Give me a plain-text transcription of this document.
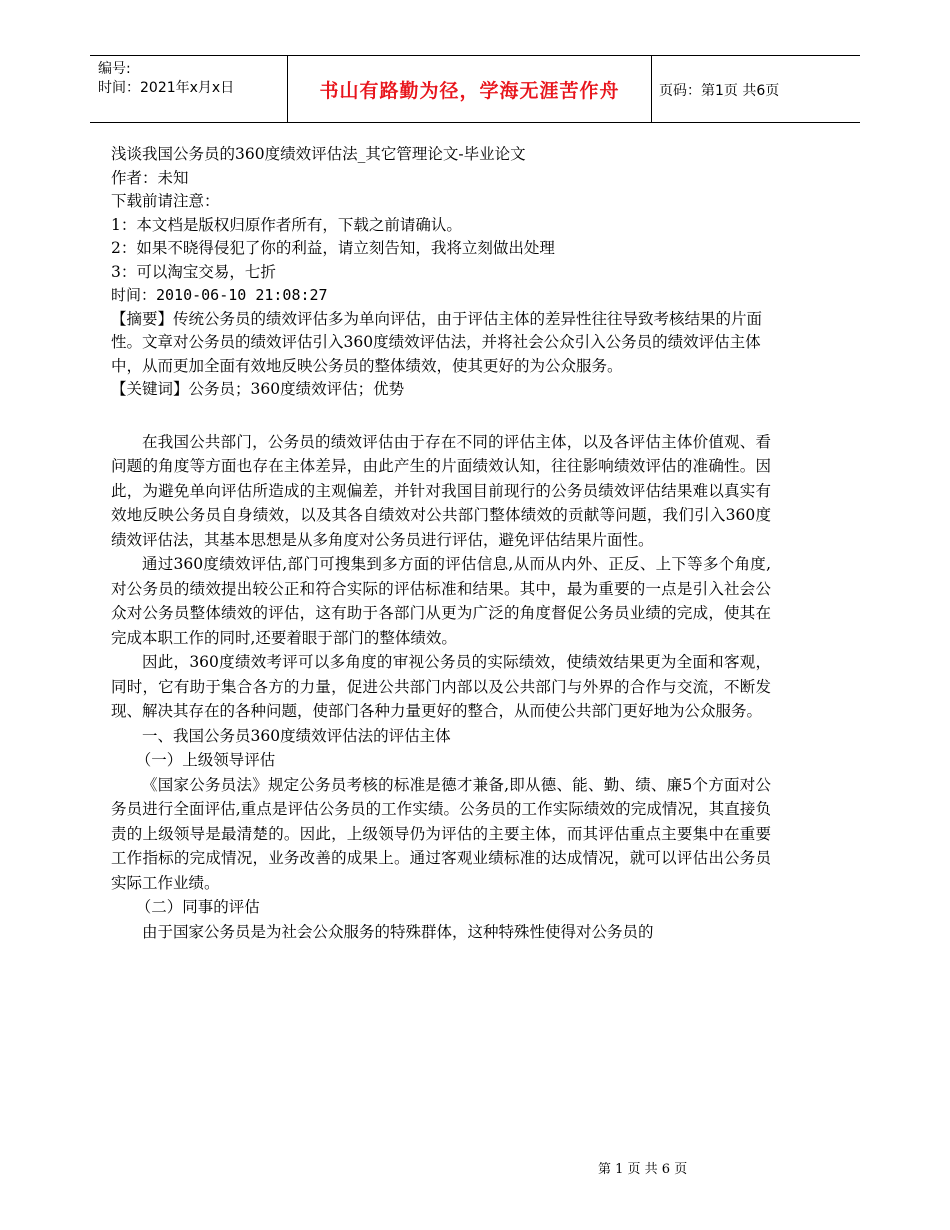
编号:
时间：2021年x月x日	书山有路勤为径，学海无涯苦作舟	页码：第1页 共6页

浅谈我国公务员的360度绩效评估法_其它管理论文-毕业论文

作者：未知

下载前请注意：

1：本文档是版权归原作者所有，下载之前请确认。

2：如果不晓得侵犯了你的利益，请立刻告知，我将立刻做出处理

3：可以淘宝交易，七折

时间：2010-06-10 21:08:27

【摘要】传统公务员的绩效评估多为单向评估，由于评估主体的差异性往往导致考核结果的片面性。文章对公务员的绩效评估引入360度绩效评估法，并将社会公众引入公务员的绩效评估主体中，从而更加全面有效地反映公务员的整体绩效，使其更好的为公众服务。

【关键词】公务员；360度绩效评估；优势

在我国公共部门，公务员的绩效评估由于存在不同的评估主体，以及各评估主体价值观、看问题的角度等方面也存在主体差异，由此产生的片面绩效认知，往往影响绩效评估的准确性。因此，为避免单向评估所造成的主观偏差，并针对我国目前现行的公务员绩效评估结果难以真实有效地反映公务员自身绩效，以及其各自绩效对公共部门整体绩效的贡献等问题，我们引入360度绩效评估法，其基本思想是从多角度对公务员进行评估，避免评估结果片面性。

通过360度绩效评估,部门可搜集到多方面的评估信息,从而从内外、正反、上下等多个角度,对公务员的绩效提出较公正和符合实际的评估标准和结果。其中，最为重要的一点是引入社会公众对公务员整体绩效的评估，这有助于各部门从更为广泛的角度督促公务员业绩的完成，使其在完成本职工作的同时,还要着眼于部门的整体绩效。

因此，360度绩效考评可以多角度的审视公务员的实际绩效，使绩效结果更为全面和客观，同时，它有助于集合各方的力量，促进公共部门内部以及公共部门与外界的合作与交流，不断发现、解决其存在的各种问题，使部门各种力量更好的整合，从而使公共部门更好地为公众服务。

一、我国公务员360度绩效评估法的评估主体

（一）上级领导评估

《国家公务员法》规定公务员考核的标准是德才兼备,即从德、能、勤、绩、廉5个方面对公务员进行全面评估,重点是评估公务员的工作实绩。公务员的工作实际绩效的完成情况，其直接负责的上级领导是最清楚的。因此，上级领导仍为评估的主要主体，而其评估重点主要集中在重要工作指标的完成情况，业务改善的成果上。通过客观业绩标准的达成情况，就可以评估出公务员实际工作业绩。

（二）同事的评估

由于国家公务员是为社会公众服务的特殊群体，这种特殊性使得对公务员的

第 1 页 共 6 页
